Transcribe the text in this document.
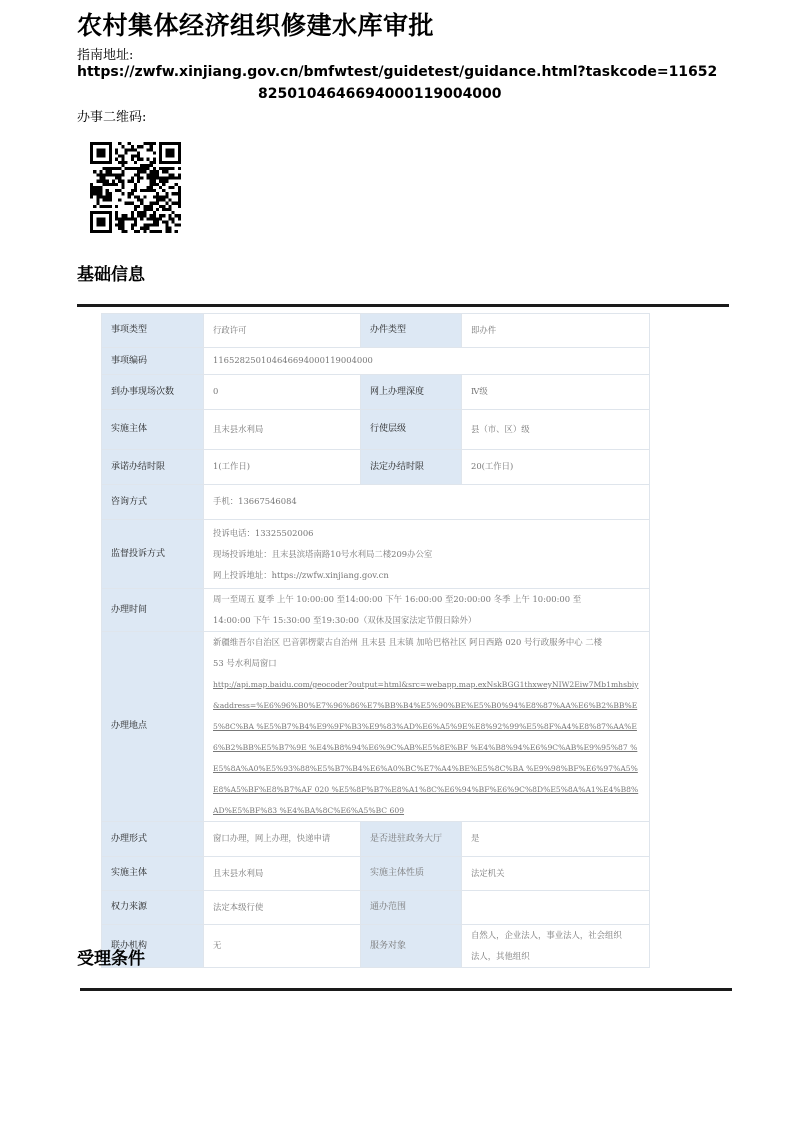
农村集体经济组织修建水库审批
指南地址:
https://zwfw.xinjiang.gov.cn/bmfwtest/guidetest/guidance.html?taskcode=11652
8250104646694000119004000
办事二维码:
基础信息
事项类型	行政许可	办件类型	即办件
事项编码	11652825010464669400011900400​0		
到办事现场次数	0	网上办理深度	Ⅳ级
实施主体	且末县水利局	行使层级	县（市、区）级
承诺办结时限	1(工作日)	法定办结时限	20(工作日)
咨询方式	手机：13667546084		
监督投诉方式	投诉电话：13325502006
现场投诉地址：且末县滨塔南路10号水利局二楼209办公室
网上投诉地址：https://zwfw.xinjiang.gov.cn		

办理时间	周一至周五 夏季 上午 10:00:00 至14:00:00 下午 16:00:00 至20:00:00 冬季 上午 10:00:00 至
14:00:00 下午 15:30:00 至19:30:00（双休及国家法定节假日除外）		

办理地点	新疆维吾尔自治区 巴音郭楞蒙古自治州 且末县 且末镇 加哈巴格社区 阿日西路 020 号行政服务中心 二楼
53 号水利局窗口
http://api.map.baidu.com/geocoder?output=html&src=webapp.map.exNskBGG1thxweyNIW2Eiw7Mb1mhsbiy&address=%E6%96%B0%E7%96%86%E7%BB%B4%E5%90%BE%E5%B0%94%E8%87%AA%E6%B2%BB%E5%8C%BA %E5%B7%B4%E9%9F%B3%E9%83%AD%E6%A5%9E%E8%92%99%E5%8F%A4%E8%87%AA%E6%B2%BB%E5%B7%9E %E4%B8%94%E6%9C%AB%E5%8E%BF %E4%B8%94%E6%9C%AB%E9%95%87 %E5%8A%A0%E5%93%88%E5%B7%B4%E6%A0%BC%E7%A4%BE%E5%8C%BA %E9%98%BF%E6%97%A5%E8%A5%BF%E8%B7%AF 020 %E5%8F%B7%E8%A1%8C%E6%94%BF%E6%9C%8D%E5%8A%A1%E4%B8%AD%E5%BF%83 %E4%BA%8C%E6%A5%BC 609		

办理形式	窗口办理，网上办理，快递申请	是否进驻政务大厅	是
实施主体	且末县水利局	实施主体性质	法定机关
权力来源	法定本级行使	通办范围	
联办机构	无	服务对象	自然人，企业法人，事业法人，社会组织
法人，其他组织
受理条件
